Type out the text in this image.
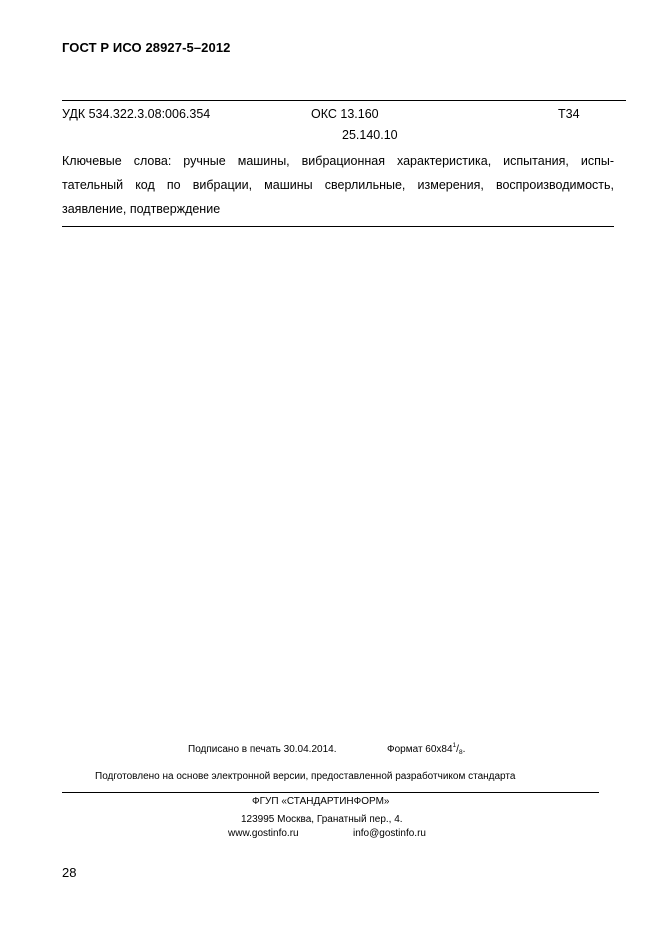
ГОСТ Р ИСО 28927-5–2012
УДК 534.322.3.08:006.354	ОКС 13.160
25.140.10
Т34
Ключевые слова: ручные машины, вибрационная характеристика, испытания, испы-
тательный код по вибрации, машины сверлильные, измерения, воспроизводимость,
заявление, подтверждение
Подписано в печать 30.04.2014.	Формат $60х84^1/_8$.
Подготовлено на основе электронной версии, предоставленной разработчиком стандарта
ФГУП «СТАНДАРТИНФОРМ»
123995 Москва, Гранатный пер., 4.
www.gostinfo.ru	info@gostinfo.ru
28
